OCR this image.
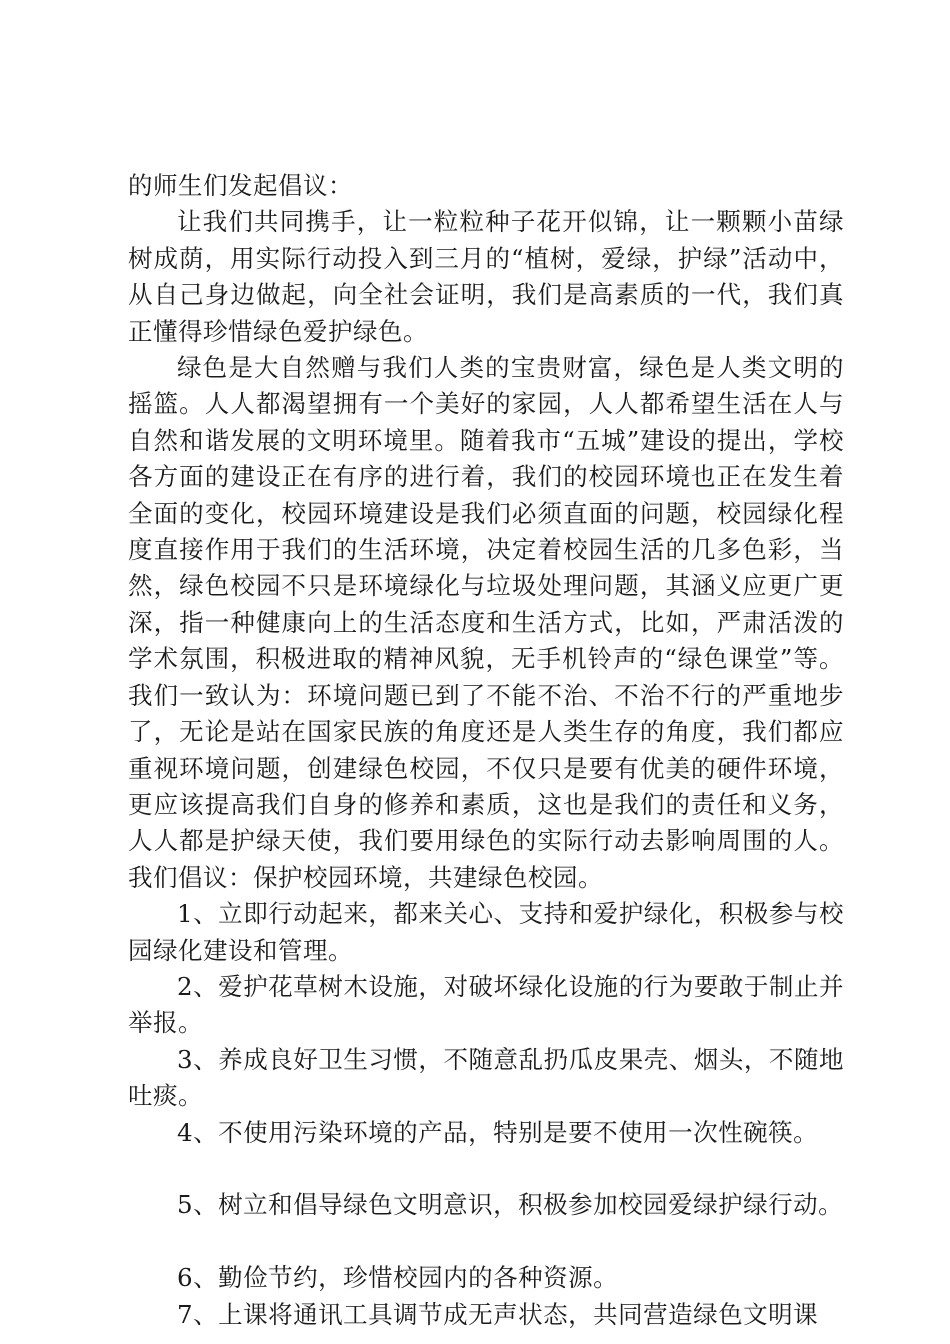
的师生们发起倡议：

让我们共同携手，让一粒粒种子花开似锦，让一颗颗小苗绿树成荫，用实际行动投入到三月的“植树，爱绿，护绿”活动中，从自己身边做起，向全社会证明，我们是高素质的一代，我们真正懂得珍惜绿色爱护绿色。

绿色是大自然赠与我们人类的宝贵财富，绿色是人类文明的摇篮。人人都渴望拥有一个美好的家园，人人都希望生活在人与自然和谐发展的文明环境里。随着我市“五城”建设的提出，学校各方面的建设正在有序的进行着，我们的校园环境也正在发生着全面的变化，校园环境建设是我们必须直面的问题，校园绿化程度直接作用于我们的生活环境，决定着校园生活的几多色彩，当然，绿色校园不只是环境绿化与垃圾处理问题，其涵义应更广更深，指一种健康向上的生活态度和生活方式，比如，严肃活泼的学术氛围，积极进取的精神风貌，无手机铃声的“绿色课堂”等。我们一致认为：环境问题已到了不能不治、不治不行的严重地步了，无论是站在国家民族的角度还是人类生存的角度，我们都应重视环境问题，创建绿色校园，不仅只是要有优美的硬件环境，更应该提高我们自身的修养和素质，这也是我们的责任和义务，人人都是护绿天使，我们要用绿色的实际行动去影响周围的人。我们倡议：保护校园环境，共建绿色校园。

1、立即行动起来，都来关心、支持和爱护绿化，积极参与校园绿化建设和管理。

2、爱护花草树木设施，对破坏绿化设施的行为要敢于制止并举报。

3、养成良好卫生习惯，不随意乱扔瓜皮果壳、烟头，不随地吐痰。

4、不使用污染环境的产品，特别是要不使用一次性碗筷。

5、树立和倡导绿色文明意识，积极参加校园爱绿护绿行动。

6、勤俭节约，珍惜校园内的各种资源。

7、上课将通讯工具调节成无声状态，共同营造绿色文明课
